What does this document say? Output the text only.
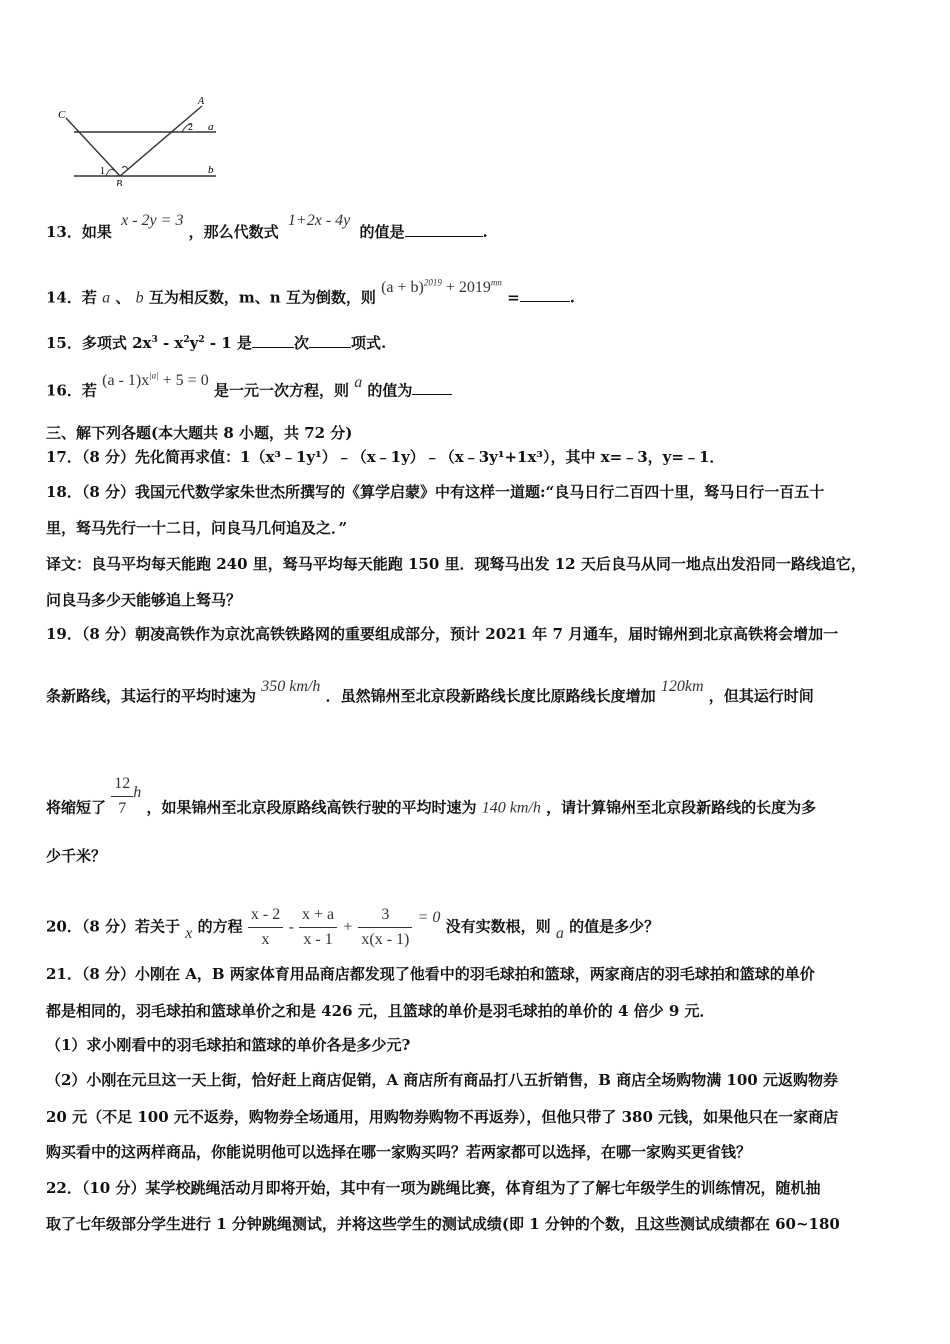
C
A
a
b
B
1
2
13．如果 x - 2y = 3 ，那么代数式 1+2x - 4y 的值是	.
14．若 a 、 b 互为相反数，m、n 互为倒数，则 $(a + b)^{2019} + 2019^{mn}$ =	.
15．多项式 $2x^3 - x^2y^2 - 1$ 是	次	项式.
16．若 $(a - 1)x^{|a|} + 5 = 0$ 是一元一次方程，则 a 的值为
三、解下列各题(本大题共 8 小题，共 72 分)
17．（8 分）先化简再求值：1（x³﹣1y¹）﹣（x﹣1y）﹣（x﹣3y¹+1x³），其中 x=﹣3，y=﹣1．
18．（8 分）我国元代数学家朱世杰所撰写的《算学启蒙》中有这样一道题:“良马日行二百四十里，驽马日行一百五十
里，驽马先行一十二日，问良马几何追及之．”
译文：良马平均每天能跑 240 里，驽马平均每天能跑 150 里．现驽马出发 12 天后良马从同一地点出发沿同一路线追它，
问良马多少天能够追上驽马？
19．（8 分）朝凌高铁作为京沈高铁铁路网的重要组成部分，预计 2021 年 7 月通车，届时锦州到北京高铁将会增加一
条新路线，其运行的平均时速为 350 km/h ．虽然锦州至北京段新路线长度比原路线长度增加 120km ，但其运行时间
将缩短了 $\frac{12}{7}$ h ，如果锦州至北京段原路线高铁行驶的平均时速为 140 km/h ，请计算锦州至北京段新路线的长度为多
少千米？
20．（8 分）若关于 x 的方程 $\frac{x - 2}{x} - \frac{x + a}{x - 1} + \frac{3}{x(x - 1)} = 0$ 没有实数根，则 a 的值是多少？
21．（8 分）小刚在 A，B 两家体育用品商店都发现了他看中的羽毛球拍和篮球，两家商店的羽毛球拍和篮球的单价
都是相同的，羽毛球拍和篮球单价之和是 426 元，且篮球的单价是羽毛球拍的单价的 4 倍少 9 元．
（1）求小刚看中的羽毛球拍和篮球的单价各是多少元?
（2）小刚在元旦这一天上街，恰好赶上商店促销，A 商店所有商品打八五折销售，B 商店全场购物满 100 元返购物券
20 元（不足 100 元不返券，购物券全场通用，用购物券购物不再返券），但他只带了 380 元钱，如果他只在一家商店
购买看中的这两样商品，你能说明他可以选择在哪一家购买吗？若两家都可以选择，在哪一家购买更省钱？
22．（10 分）某学校跳绳活动月即将开始，其中有一项为跳绳比赛，体育组为了了解七年级学生的训练情况，随机抽
取了七年级部分学生进行 1 分钟跳绳测试，并将这些学生的测试成绩(即 1 分钟的个数，且这些测试成绩都在 60~180
